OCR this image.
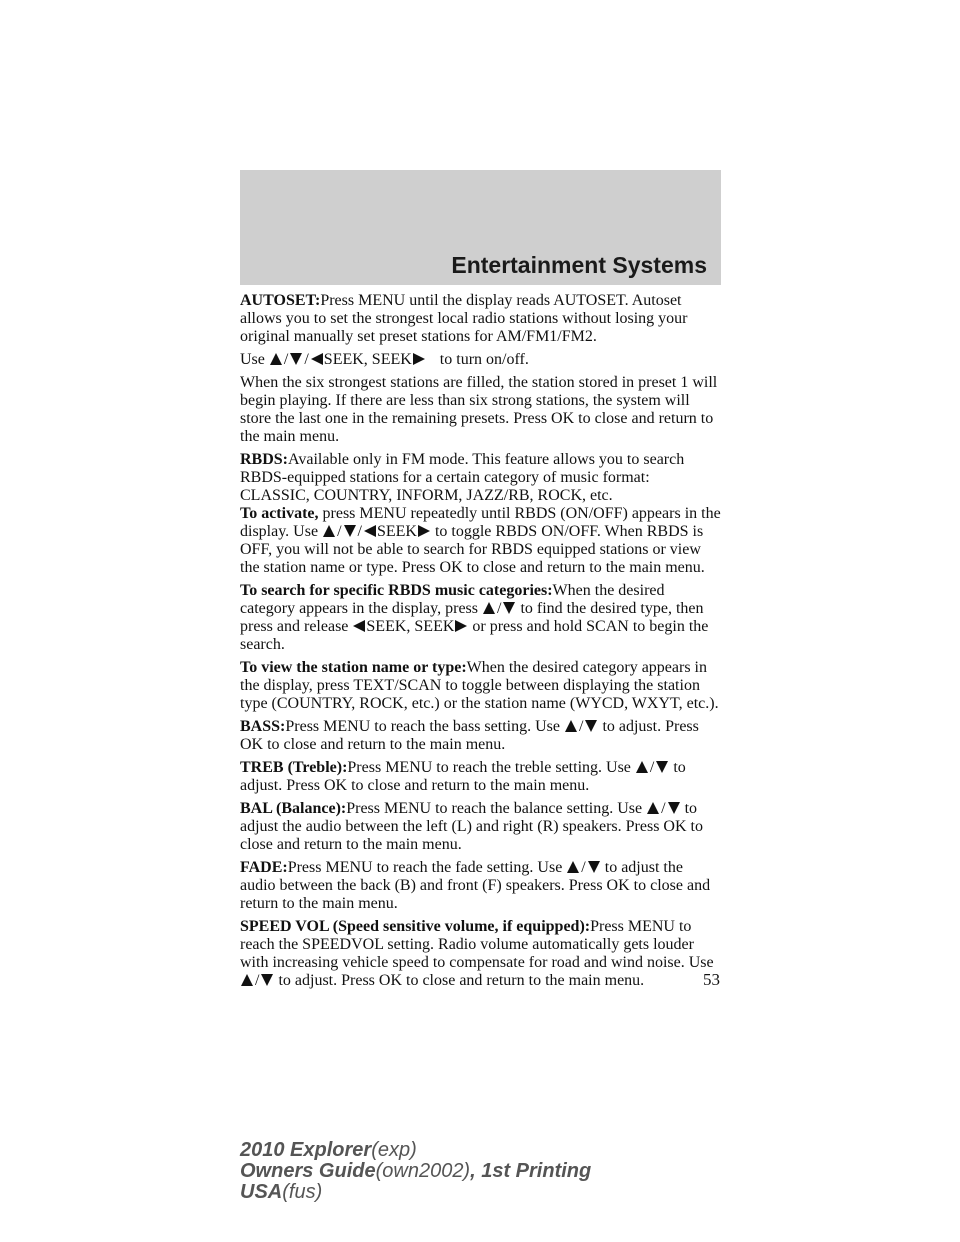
Entertainment Systems

AUTOSET:Press MENU until the display reads AUTOSET. Autoset allows you to set the strongest local radio stations without losing your original manually set preset stations for AM/FM1/FM2.

Use / / SEEK, SEEK to turn on/off.

When the six strongest stations are filled, the station stored in preset 1 will begin playing. If there are less than six strong stations, the system will store the last one in the remaining presets. Press OK to close and return to the main menu.

RBDS:Available only in FM mode. This feature allows you to search RBDS-equipped stations for a certain category of music format: CLASSIC, COUNTRY, INFORM, JAZZ/RB, ROCK, etc.

To activate, press MENU repeatedly until RBDS (ON/OFF) appears in the display. Use / / SEEK to toggle RBDS ON/OFF. When RBDS is OFF, you will not be able to search for RBDS equipped stations or view the station name or type. Press OK to close and return to the main menu.

To search for specific RBDS music categories:When the desired category appears in the display, press / to find the desired type, then press and release SEEK, SEEK or press and hold SCAN to begin the search.

To view the station name or type:When the desired category appears in the display, press TEXT/SCAN to toggle between displaying the station type (COUNTRY, ROCK, etc.) or the station name (WYCD, WXYT, etc.).

BASS:Press MENU to reach the bass setting. Use / to adjust. Press OK to close and return to the main menu.

TREB (Treble):Press MENU to reach the treble setting. Use / to adjust. Press OK to close and return to the main menu.

BAL (Balance):Press MENU to reach the balance setting. Use / to adjust the audio between the left (L) and right (R) speakers. Press OK to close and return to the main menu.

FADE:Press MENU to reach the fade setting. Use / to adjust the audio between the back (B) and front (F) speakers. Press OK to close and return to the main menu.

SPEED VOL (Speed sensitive volume, if equipped):Press MENU to reach the SPEEDVOL setting. Radio volume automatically gets louder with increasing vehicle speed to compensate for road and wind noise. Use / to adjust. Press OK to close and return to the main menu.	53
2010 Explorer(exp)
Owners Guide(own2002), 1st Printing
USA(fus)
